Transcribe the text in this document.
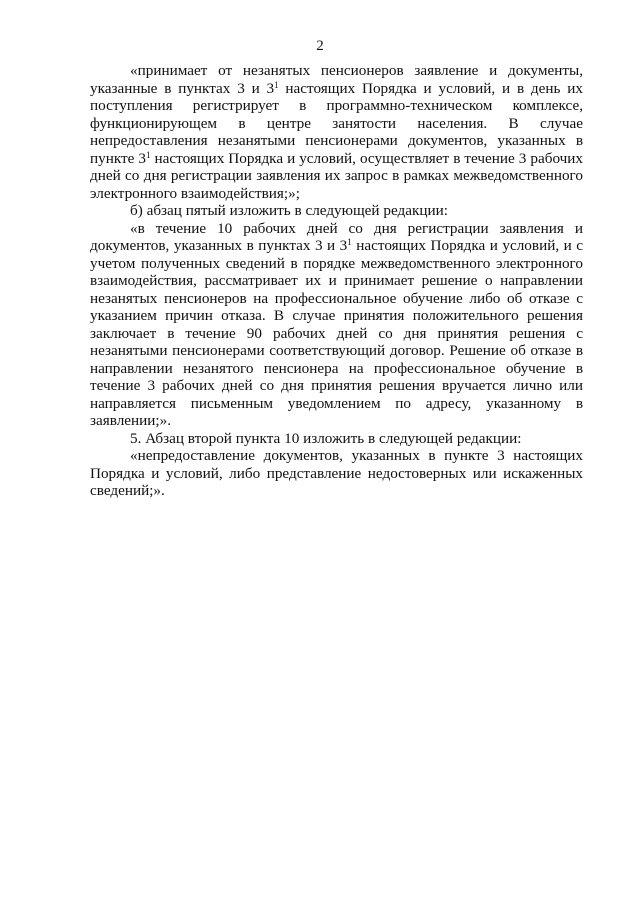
2

«принимает от незанятых пенсионеров заявление и документы, указанные в пунктах 3 и $3^1$ настоящих Порядка и условий, и в день их поступления регистрирует в программно-техническом комплексе, функционирующем в центре занятости населения. В случае непредоставления незанятыми пенсионерами документов, указанных в пункте $3^1$ настоящих Порядка и условий, осуществляет в течение 3 рабочих дней со дня регистрации заявления их запрос в рамках межведомственного электронного взаимодействия;»;

б) абзац пятый изложить в следующей редакции:

«в течение 10 рабочих дней со дня регистрации заявления и документов, указанных в пунктах 3 и $3^1$ настоящих Порядка и условий, и с учетом полученных сведений в порядке межведомственного электронного взаимодействия, рассматривает их и принимает решение о направлении незанятых пенсионеров на профессиональное обучение либо об отказе с указанием причин отказа. В случае принятия положительного решения заключает в течение 90 рабочих дней со дня принятия решения с незанятыми пенсионерами соответствующий договор. Решение об отказе в направлении незанятого пенсионера на профессиональное обучение в течение 3 рабочих дней со дня принятия решения вручается лично или направляется письменным уведомлением по адресу, указанному в заявлении;».

5. Абзац второй пункта 10 изложить в следующей редакции:

«непредоставление документов, указанных в пункте 3 настоящих Порядка и условий, либо представление недостоверных или искаженных сведений;».
